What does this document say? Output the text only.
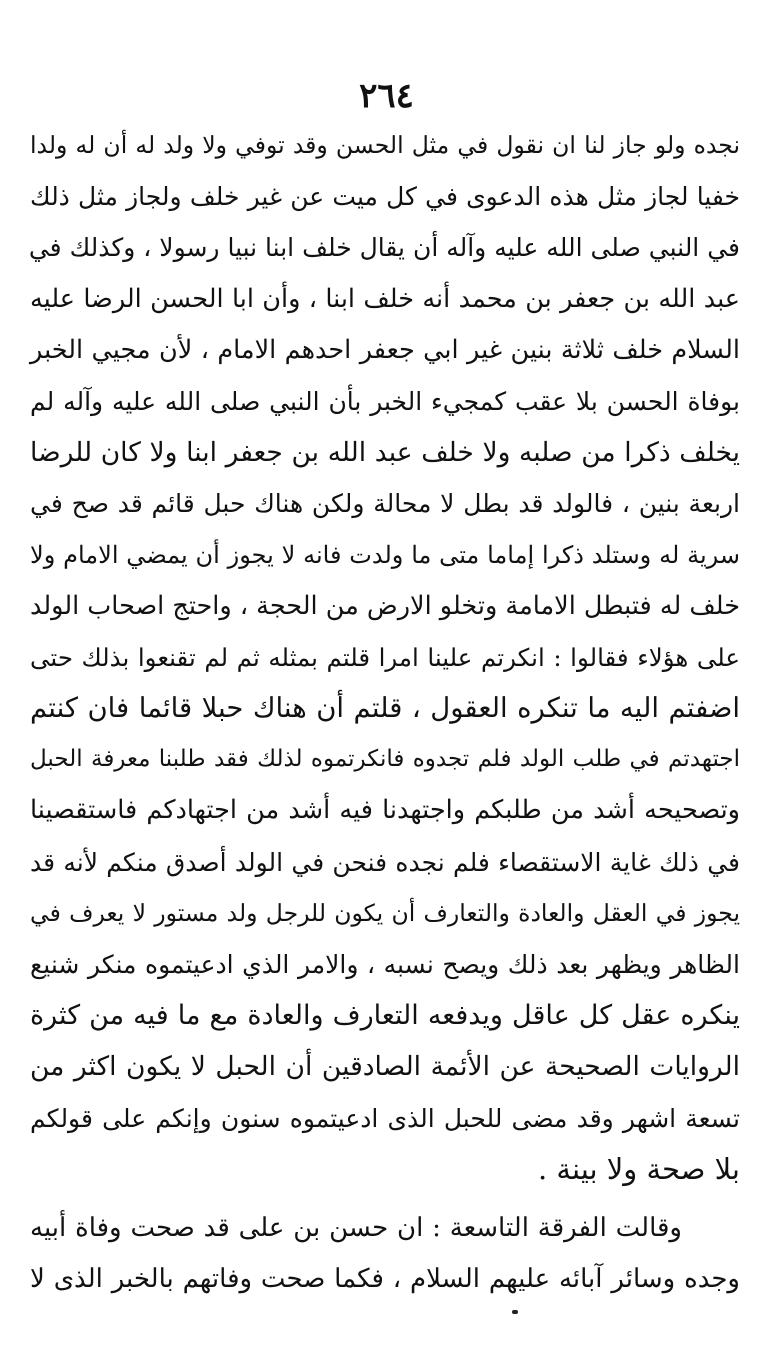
٢٦٤
نجده ولو جاز لنا ان نقول في مثل الحسن وقد توفي ولا ولد له أن له ولدا
خفيا لجاز مثل هذه الدعوى في كل ميت عن غير خلف ولجاز مثل ذلك
في النبي صلى الله عليه وآله أن يقال خلف ابنا نبيا رسولا ، وكذلك في
عبد الله بن جعفر بن محمد أنه خلف ابنا ، وأن ابا الحسن الرضا عليه
السلام خلف ثلاثة بنين غير ابي جعفر احدهم الامام ، لأن مجيي الخبر
بوفاة الحسن بلا عقب كمجيء الخبر بأن النبي صلى الله عليه وآله لم
يخلف ذكرا من صلبه ولا خلف عبد الله بن جعفر ابنا ولا كان للرضا
اربعة بنين ، فالولد قد بطل لا محالة ولكن هناك حبل قائم قد صح في
سرية له وستلد ذكرا إماما متى ما ولدت فانه لا يجوز أن يمضي الامام ولا
خلف له فتبطل الامامة وتخلو الارض من الحجة ، واحتج اصحاب الولد
على هؤلاء فقالوا : انكرتم علينا امرا قلتم بمثله ثم لم تقنعوا بذلك حتى
اضفتم اليه ما تنكره العقول ، قلتم أن هناك حبلا قائما فان كنتم
اجتهدتم في طلب الولد فلم تجدوه فانكرتموه لذلك فقد طلبنا معرفة الحبل
وتصحيحه أشد من طلبكم واجتهدنا فيه أشد من اجتهادكم فاستقصينا
في ذلك غاية الاستقصاء فلم نجده فنحن في الولد أصدق منكم لأنه قد
يجوز في العقل والعادة والتعارف أن يكون للرجل ولد مستور لا يعرف في
الظاهر ويظهر بعد ذلك ويصح نسبه ، والامر الذي ادعيتموه منكر شنيع
ينكره عقل كل عاقل ويدفعه التعارف والعادة مع ما فيه من كثرة
الروايات الصحيحة عن الأئمة الصادقين أن الحبل لا يكون اكثر من
تسعة اشهر وقد مضى للحبل الذى ادعيتموه سنون وإنكم على قولكم
بلا صحة ولا بينة .
وقالت الفرقة التاسعة : ان حسن بن على قد صحت وفاة أبيه
وجده وسائر آبائه عليهم السلام ، فكما صحت وفاتهم بالخبر الذى لا
